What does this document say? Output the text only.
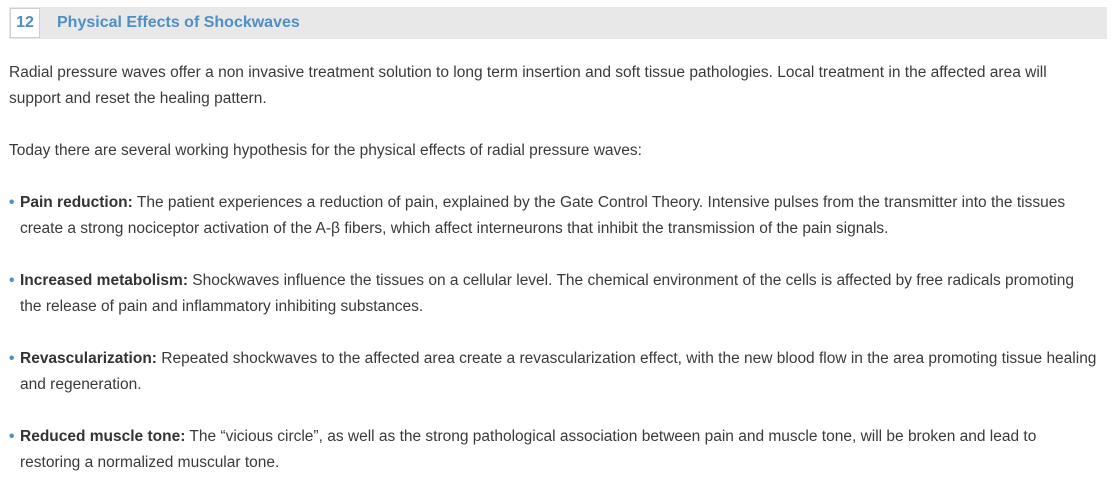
12	Physical Effects of Shockwaves

Radial pressure waves offer a non invasive treatment solution to long term insertion and soft tissue pathologies. Local treatment in the affected area will support and reset the healing pattern.

Today there are several working hypothesis for the physical effects of radial pressure waves:

• Pain reduction: The patient experiences a reduction of pain, explained by the Gate Control Theory. Intensive pulses from the transmitter into the tissues create a strong nociceptor activation of the A-β fibers, which affect interneurons that inhibit the transmission of the pain signals.

• Increased metabolism: Shockwaves influence the tissues on a cellular level. The chemical environment of the cells is affected by free radicals promoting the release of pain and inflammatory inhibiting substances.

• Revascularization: Repeated shockwaves to the affected area create a revascularization effect, with the new blood flow in the area promoting tissue healing and regeneration.

• Reduced muscle tone: The “vicious circle”, as well as the strong pathological association between pain and muscle tone, will be broken and lead to restoring a normalized muscular tone.
